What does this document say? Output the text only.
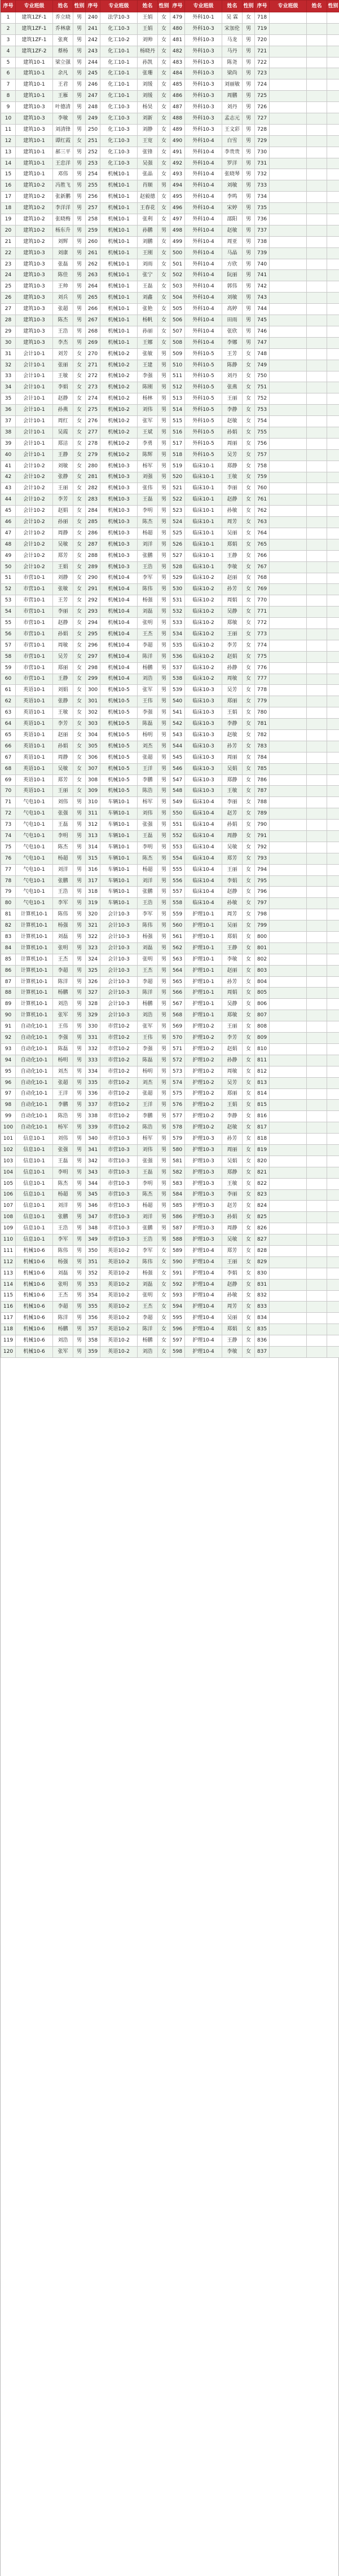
序号	专业班级	姓名	性别	序号	专业班级	姓名	性别	序号	专业班级	姓名	性别	序号	专业班级	姓名	性别
1	建筑1ZF-1	乔立晓	男	240	法学10-3	王娟	女	479	外科10-1	吴 霖	女	718			
2	建筑1ZF-1	乔林康	男	241	化工10-3	王娟	女	480	外科10-3	宋加伦	男	719			
3	建筑1ZF-1	张爽	男	242	化工10-2	刘帅	女	481	外科10-3	马龙	男	720			
4	建筑1ZF-2	蔡杨	男	243	化工10-1	杨晓丹	女	482	外科10-3	马丹	男	721			
5	建筑10-1	梁立强	男	244	化工10-1	孙凯	女	483	外科10-3	陈尧	男	722			
6	建筑10-1	余凡	男	245	化工10-1	张珊	女	484	外科10-3	梁尚	男	723			
7	建筑10-1	王君	男	246	化工10-1	刘缓	女	485	外科10-3	刘丽敏	男	724			
8	建筑10-1	王雁	男	247	化工10-1	刘缓	女	486	外科10-3	周鹏	男	725			
9	建筑10-3	叶德清	男	248	化工10-3	杨昊	女	487	外科10-3	刘丹	男	726			
10	建筑10-3	李敏	男	249	化工10-3	刘新	女	488	外科10-3	孟志元	男	727			
11	建筑10-3	刘清锋	男	250	化工10-3	刘静	女	489	外科10-3	王文彩	男	728			
12	建筑10-1	谭红霞	女	251	化工10-3	王宽	女	490	外科10-4	白雪	男	729			
13	建筑10-1	郝三平	男	252	化工10-3	张锋	女	491	外科10-4	李贵贵	男	730			
14	建筑10-1	王忠洋	男	253	化工10-3	吴强	女	492	外科10-4	罗洋	男	731			
15	建筑10-1	邓伟	男	254	机械10-1	张晶	女	493	外科10-4	张晓琴	男	732			
16	建筑10-2	冯胜飞	男	255	机械10-1	肖顺	男	494	外科10-4	刘敏	男	733			
17	建筑10-2	张新鹏	男	256	机械10-1	赵毅德	女	495	外科10-4	李鸣	男	734			
18	建筑10-2	李洋洋	男	257	机械10-1	王春花	女	496	外科10-4	宋婷	男	735			
19	建筑10-2	张晓梅	男	258	机械10-1	张利	女	497	外科10-4	邵阳	男	736			
20	建筑10-2	杨东升	男	259	机械10-1	孙鹏	男	498	外科10-4	赵敏	男	737			
21	建筑10-2	刘辉	男	260	机械10-1	刘鹏	女	499	外科10-4	周亚	男	738			
22	建筑10-3	刘康	男	261	机械10-1	王刚	女	500	外科10-4	马晶	男	739			
23	建筑10-3	张磊	男	262	机械10-1	刘雨	女	501	外科10-4	方欣	男	740			
24	建筑10-3	陈佳	男	263	机械10-1	张宁	女	502	外科10-4	阮丽	男	741			
25	建筑10-3	王帅	男	264	机械10-1	王磊	女	503	外科10-4	郭伟	男	742			
26	建筑10-3	刘兵	男	265	机械10-1	刘鑫	女	504	外科10-4	刘敏	男	743			
27	建筑10-3	张超	男	266	机械10-1	张艳	女	505	外科10-4	高婷	男	744			
28	建筑10-3	陈杰	男	267	机械10-1	杨帆	女	506	外科10-4	田雨	男	745			
29	建筑10-3	王浩	男	268	机械10-1	孙丽	女	507	外科10-4	张欣	男	746			
30	建筑10-3	李杰	男	269	机械10-1	王娜	女	508	外科10-4	李娜	男	747			
31	会计10-1	刘芳	女	270	机械10-2	张敏	男	509	外科10-5	王芳	女	748			
32	会计10-1	张丽	女	271	机械10-2	王建	男	510	外科10-5	陈静	女	749			
33	会计10-1	王敏	女	272	机械10-2	李强	男	511	外科10-5	刘丹	女	750			
34	会计10-1	李娟	女	273	机械10-2	陈刚	男	512	外科10-5	张燕	女	751			
35	会计10-1	赵静	女	274	机械10-2	杨林	男	513	外科10-5	王丽	女	752			
36	会计10-1	孙燕	女	275	机械10-2	刘伟	男	514	外科10-5	李静	女	753			
37	会计10-1	周红	女	276	机械10-2	张军	男	515	外科10-5	赵敏	女	754			
38	会计10-1	吴霞	女	277	机械10-2	王斌	男	516	外科10-5	孙娟	女	755			
39	会计10-1	郑洁	女	278	机械10-2	李勇	男	517	外科10-5	周丽	女	756			
40	会计10-1	王静	女	279	机械10-2	陈辉	男	518	外科10-5	吴芳	女	757			
41	会计10-2	刘敏	女	280	机械10-3	杨军	男	519	临床10-1	郑静	女	758			
42	会计10-2	张静	女	281	机械10-3	刘强	男	520	临床10-1	王敏	女	759			
43	会计10-2	王丽	女	282	机械10-3	张伟	男	521	临床10-1	李丽	女	760			
44	会计10-2	李芳	女	283	机械10-3	王磊	男	522	临床10-1	赵静	女	761			
45	会计10-2	赵娟	女	284	机械10-3	李明	男	523	临床10-1	孙敏	女	762			
46	会计10-2	孙丽	女	285	机械10-3	陈杰	男	524	临床10-1	周芳	女	763			
47	会计10-2	周静	女	286	机械10-3	杨超	男	525	临床10-1	吴丽	女	764			
48	会计10-2	吴敏	女	287	机械10-3	刘洋	男	526	临床10-1	郑娟	女	765			
49	会计10-2	郑芳	女	288	机械10-3	张鹏	男	527	临床10-1	王静	女	766			
50	会计10-2	王娟	女	289	机械10-3	王浩	男	528	临床10-1	李敏	女	767			
51	市营10-1	刘静	女	290	机械10-4	李军	男	529	临床10-2	赵丽	女	768			
52	市营10-1	张敏	女	291	机械10-4	陈伟	男	530	临床10-2	孙芳	女	769			
53	市营10-1	王芳	女	292	机械10-4	杨强	男	531	临床10-2	周娟	女	770			
54	市营10-1	李丽	女	293	机械10-4	刘磊	男	532	临床10-2	吴静	女	771			
55	市营10-1	赵静	女	294	机械10-4	张明	男	533	临床10-2	郑敏	女	772			
56	市营10-1	孙娟	女	295	机械10-4	王杰	男	534	临床10-2	王丽	女	773			
57	市营10-1	周敏	女	296	机械10-4	李超	男	535	临床10-2	李芳	女	774			
58	市营10-1	吴芳	女	297	机械10-4	陈洋	男	536	临床10-2	赵娟	女	775			
59	市营10-1	郑丽	女	298	机械10-4	杨鹏	男	537	临床10-2	孙静	女	776			
60	市营10-1	王静	女	299	机械10-4	刘浩	男	538	临床10-2	周敏	女	777			
61	英语10-1	刘娟	女	300	机械10-5	张军	男	539	临床10-3	吴芳	女	778			
62	英语10-1	张静	女	301	机械10-5	王伟	男	540	临床10-3	郑丽	女	779			
63	英语10-1	王敏	女	302	机械10-5	李强	男	541	临床10-3	王娟	女	780			
64	英语10-1	李芳	女	303	机械10-5	陈磊	男	542	临床10-3	李静	女	781			
65	英语10-1	赵丽	女	304	机械10-5	杨明	男	543	临床10-3	赵敏	女	782			
66	英语10-1	孙娟	女	305	机械10-5	刘杰	男	544	临床10-3	孙芳	女	783			
67	英语10-1	周静	女	306	机械10-5	张超	男	545	临床10-3	周丽	女	784			
68	英语10-1	吴敏	女	307	机械10-5	王洋	男	546	临床10-3	吴娟	女	785			
69	英语10-1	郑芳	女	308	机械10-5	李鹏	男	547	临床10-3	郑静	女	786			
70	英语10-1	王丽	女	309	机械10-5	陈浩	男	548	临床10-3	王敏	女	787			
71	气电10-1	刘伟	男	310	车辆10-1	杨军	男	549	临床10-4	李丽	女	788			
72	气电10-1	张强	男	311	车辆10-1	刘伟	男	550	临床10-4	赵芳	女	789			
73	气电10-1	王磊	男	312	车辆10-1	张强	男	551	临床10-4	孙娟	女	790			
74	气电10-1	李明	男	313	车辆10-1	王磊	男	552	临床10-4	周静	女	791			
75	气电10-1	陈杰	男	314	车辆10-1	李明	男	553	临床10-4	吴敏	女	792			
76	气电10-1	杨超	男	315	车辆10-1	陈杰	男	554	临床10-4	郑芳	女	793			
77	气电10-1	刘洋	男	316	车辆10-1	杨超	男	555	临床10-4	王丽	女	794			
78	气电10-1	张鹏	男	317	车辆10-1	刘洋	男	556	临床10-4	李娟	女	795			
79	气电10-1	王浩	男	318	车辆10-1	张鹏	男	557	临床10-4	赵静	女	796			
80	气电10-1	李军	男	319	车辆10-1	王浩	男	558	临床10-4	孙敏	女	797			
81	计算机10-1	陈伟	男	320	会计10-3	李军	男	559	护理10-1	周芳	女	798			
82	计算机10-1	杨强	男	321	会计10-3	陈伟	男	560	护理10-1	吴丽	女	799			
83	计算机10-1	刘磊	男	322	会计10-3	杨强	男	561	护理10-1	郑娟	女	800			
84	计算机10-1	张明	男	323	会计10-3	刘磊	男	562	护理10-1	王静	女	801			
85	计算机10-1	王杰	男	324	会计10-3	张明	男	563	护理10-1	李敏	女	802			
86	计算机10-1	李超	男	325	会计10-3	王杰	男	564	护理10-1	赵丽	女	803			
87	计算机10-1	陈洋	男	326	会计10-3	李超	男	565	护理10-1	孙芳	女	804			
88	计算机10-1	杨鹏	男	327	会计10-3	陈洋	男	566	护理10-1	周娟	女	805			
89	计算机10-1	刘浩	男	328	会计10-3	杨鹏	男	567	护理10-1	吴静	女	806			
90	计算机10-1	张军	男	329	会计10-3	刘浩	男	568	护理10-1	郑敏	女	807			
91	自动化10-1	王伟	男	330	市营10-2	张军	男	569	护理10-2	王丽	女	808			
92	自动化10-1	李强	男	331	市营10-2	王伟	男	570	护理10-2	李芳	女	809			
93	自动化10-1	陈磊	男	332	市营10-2	李强	男	571	护理10-2	赵娟	女	810			
94	自动化10-1	杨明	男	333	市营10-2	陈磊	男	572	护理10-2	孙静	女	811			
95	自动化10-1	刘杰	男	334	市营10-2	杨明	男	573	护理10-2	周敏	女	812			
96	自动化10-1	张超	男	335	市营10-2	刘杰	男	574	护理10-2	吴芳	女	813			
97	自动化10-1	王洋	男	336	市营10-2	张超	男	575	护理10-2	郑丽	女	814			
98	自动化10-1	李鹏	男	337	市营10-2	王洋	男	576	护理10-2	王娟	女	815			
99	自动化10-1	陈浩	男	338	市营10-2	李鹏	男	577	护理10-2	李静	女	816			
100	自动化10-1	杨军	男	339	市营10-2	陈浩	男	578	护理10-2	赵敏	女	817			
101	信息10-1	刘伟	男	340	市营10-3	杨军	男	579	护理10-3	孙芳	女	818			
102	信息10-1	张强	男	341	市营10-3	刘伟	男	580	护理10-3	周丽	女	819			
103	信息10-1	王磊	男	342	市营10-3	张强	男	581	护理10-3	吴娟	女	820			
104	信息10-1	李明	男	343	市营10-3	王磊	男	582	护理10-3	郑静	女	821			
105	信息10-1	陈杰	男	344	市营10-3	李明	男	583	护理10-3	王敏	女	822			
106	信息10-1	杨超	男	345	市营10-3	陈杰	男	584	护理10-3	李丽	女	823			
107	信息10-1	刘洋	男	346	市营10-3	杨超	男	585	护理10-3	赵芳	女	824			
108	信息10-1	张鹏	男	347	市营10-3	刘洋	男	586	护理10-3	孙娟	女	825			
109	信息10-1	王浩	男	348	市营10-3	张鹏	男	587	护理10-3	周静	女	826			
110	信息10-1	李军	男	349	市营10-3	王浩	男	588	护理10-3	吴敏	女	827			
111	机械10-6	陈伟	男	350	英语10-2	李军	女	589	护理10-4	郑芳	女	828			
112	机械10-6	杨强	男	351	英语10-2	陈伟	女	590	护理10-4	王丽	女	829			
113	机械10-6	刘磊	男	352	英语10-2	杨强	女	591	护理10-4	李娟	女	830			
114	机械10-6	张明	男	353	英语10-2	刘磊	女	592	护理10-4	赵静	女	831			
115	机械10-6	王杰	男	354	英语10-2	张明	女	593	护理10-4	孙敏	女	832			
116	机械10-6	李超	男	355	英语10-2	王杰	女	594	护理10-4	周芳	女	833			
117	机械10-6	陈洋	男	356	英语10-2	李超	女	595	护理10-4	吴丽	女	834			
118	机械10-6	杨鹏	男	357	英语10-2	陈洋	女	596	护理10-4	郑娟	女	835			
119	机械10-6	刘浩	男	358	英语10-2	杨鹏	女	597	护理10-4	王静	女	836			
120	机械10-6	张军	男	359	英语10-2	刘浩	女	598	护理10-4	李敏	女	837			
